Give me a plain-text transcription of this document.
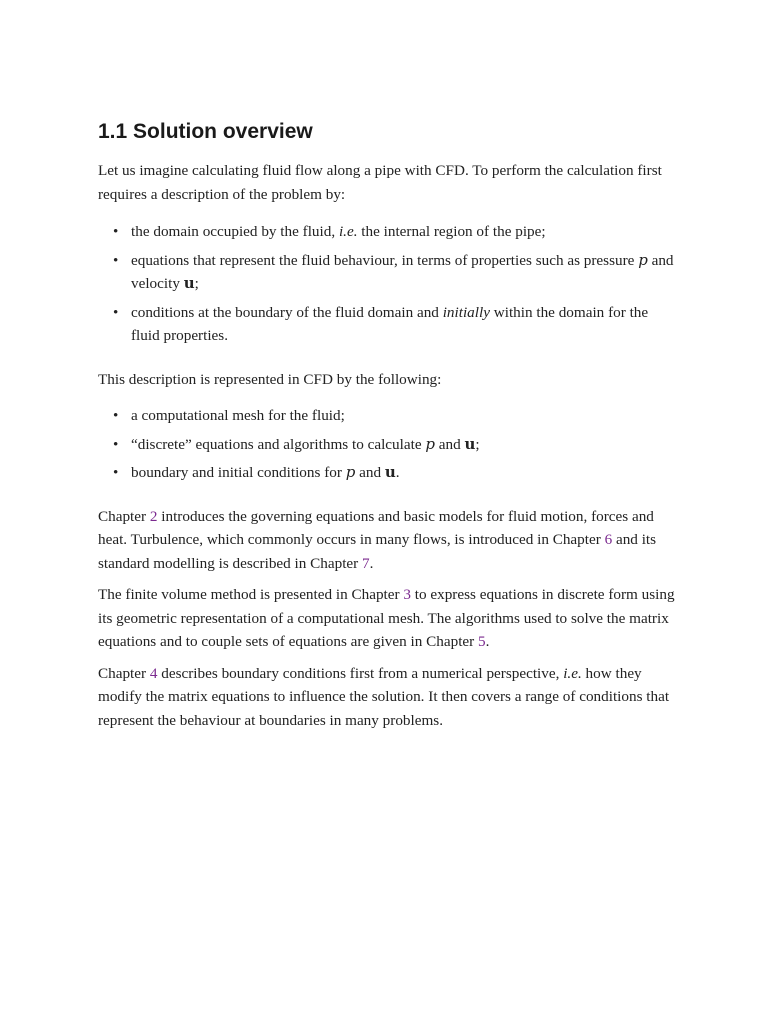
1.1 Solution overview

Let us imagine calculating fluid flow along a pipe with CFD. To perform the calculation first requires a description of the problem by:

• the domain occupied by the fluid, i.e. the internal region of the pipe;
• equations that represent the fluid behaviour, in terms of properties such as pressure p and velocity u;
• conditions at the boundary of the fluid domain and initially within the domain for the fluid properties.

This description is represented in CFD by the following:

• a computational mesh for the fluid;
• “discrete” equations and algorithms to calculate p and u;
• boundary and initial conditions for p and u.

Chapter 2 introduces the governing equations and basic models for fluid motion, forces and heat. Turbulence, which commonly occurs in many flows, is introduced in Chapter 6 and its standard modelling is described in Chapter 7.

The finite volume method is presented in Chapter 3 to express equations in discrete form using its geometric representation of a computational mesh. The algorithms used to solve the matrix equations and to couple sets of equations are given in Chapter 5.

Chapter 4 describes boundary conditions first from a numerical perspective, i.e. how they modify the matrix equations to influence the solution. It then covers a range of conditions that represent the behaviour at boundaries in many problems.
